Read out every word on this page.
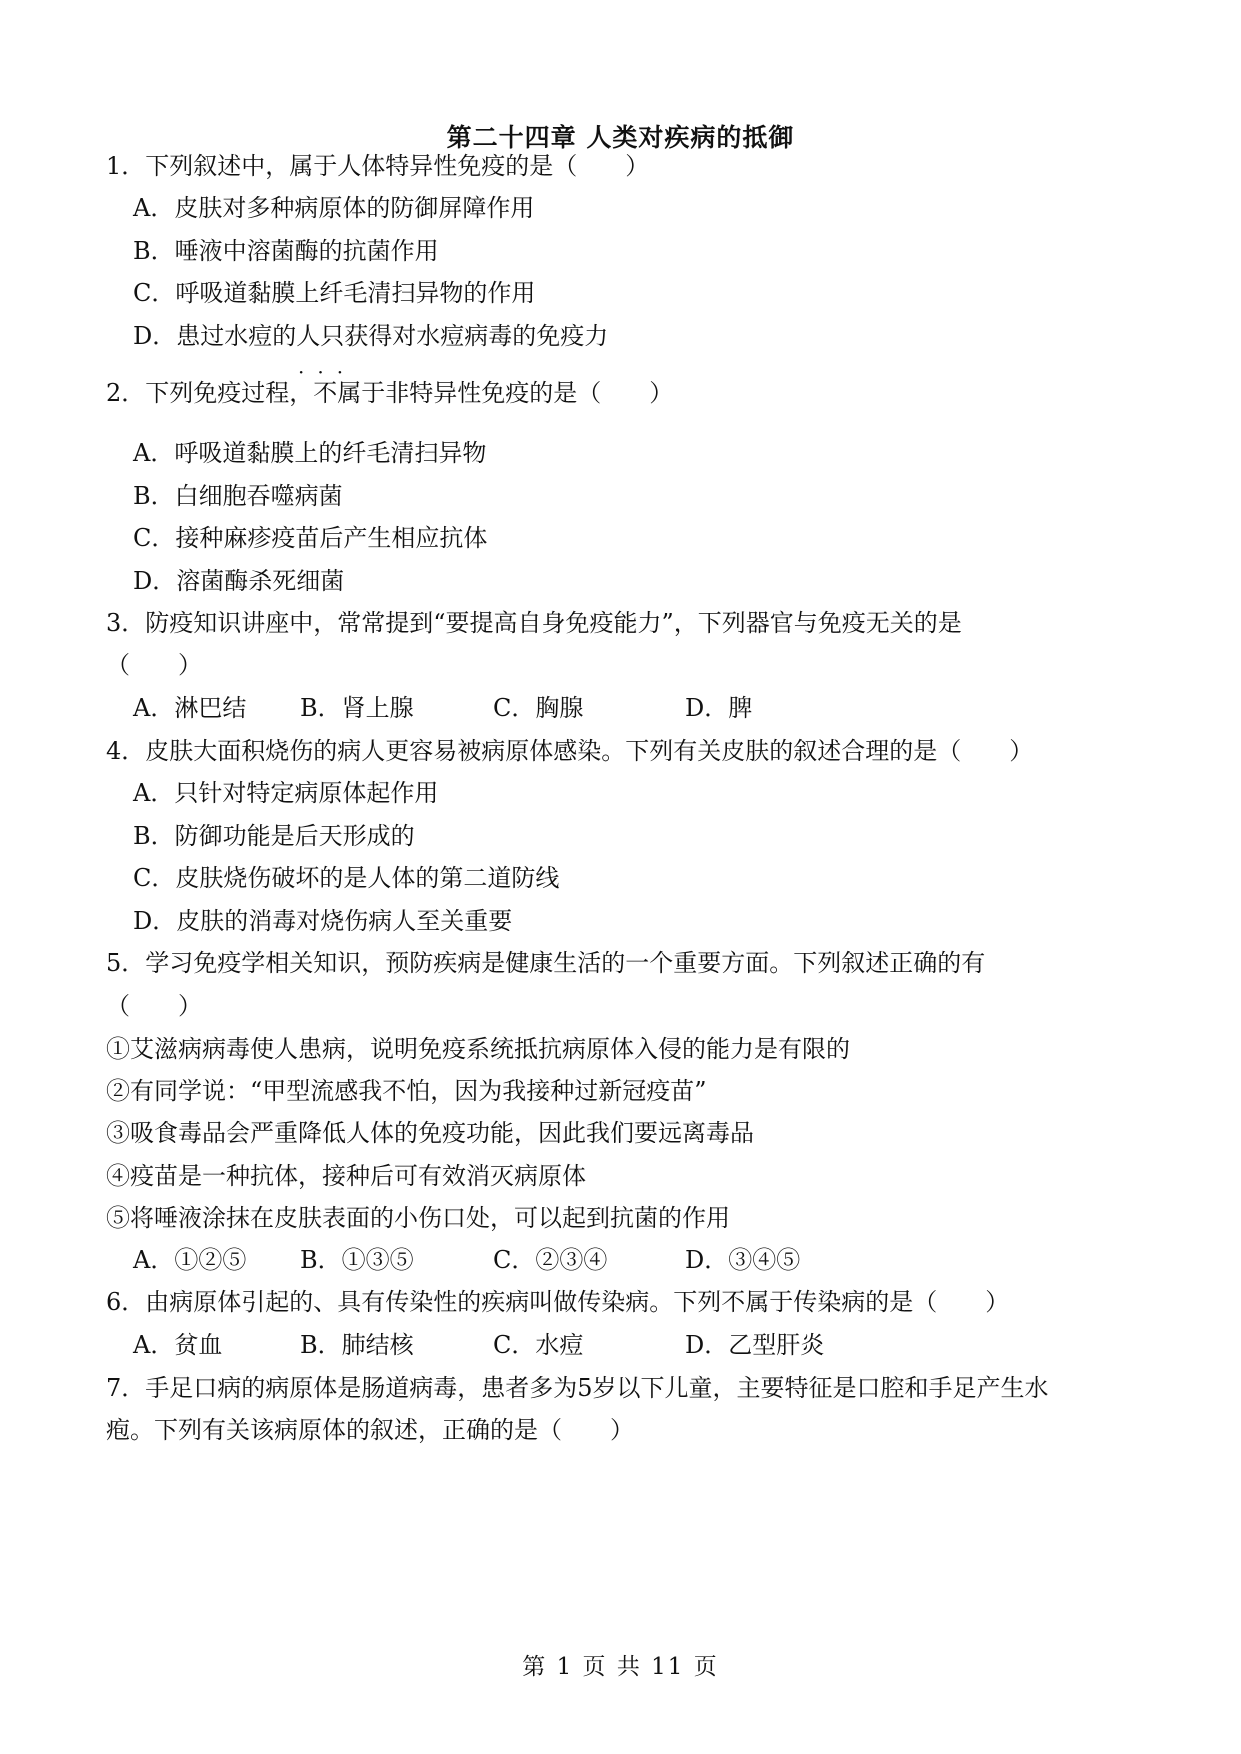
第二十四章 人类对疾病的抵御
1．下列叙述中，属于人体特异性免疫的是（　　）
A．皮肤对多种病原体的防御屏障作用
B．唾液中溶菌酶的抗菌作用
C．呼吸道黏膜上纤毛清扫异物的作用
D．患过水痘的人只获得对水痘病毒的免疫力
···
2．下列免疫过程，不属于非特异性免疫的是（　　）
A．呼吸道黏膜上的纤毛清扫异物
B．白细胞吞噬病菌
C．接种麻疹疫苗后产生相应抗体
D．溶菌酶杀死细菌
3．防疫知识讲座中，常常提到“要提高自身免疫能力”，下列器官与免疫无关的是
（　　）
A．淋巴结 B．肾上腺	C．胸腺	D．脾
4．皮肤大面积烧伤的病人更容易被病原体感染。下列有关皮肤的叙述合理的是（　　）
A．只针对特定病原体起作用
B．防御功能是后天形成的
C．皮肤烧伤破坏的是人体的第二道防线
D．皮肤的消毒对烧伤病人至关重要
5．学习免疫学相关知识，预防疾病是健康生活的一个重要方面。下列叙述正确的有
（　　）
①艾滋病病毒使人患病，说明免疫系统抵抗病原体入侵的能力是有限的
②有同学说：“甲型流感我不怕，因为我接种过新冠疫苗”
③吸食毒品会严重降低人体的免疫功能，因此我们要远离毒品
④疫苗是一种抗体，接种后可有效消灭病原体
⑤将唾液涂抹在皮肤表面的小伤口处，可以起到抗菌的作用
A．①②⑤ B．①③⑤	C．②③④	D．③④⑤
6．由病原体引起的、具有传染性的疾病叫做传染病。下列不属于传染病的是（　　）
A．贫血	B．肺结核	C．水痘	D．乙型肝炎
7．手足口病的病原体是肠道病毒，患者多为5岁以下儿童，主要特征是口腔和手足产生水
疱。下列有关该病原体的叙述，正确的是（　　）
第 1 页 共 11 页
